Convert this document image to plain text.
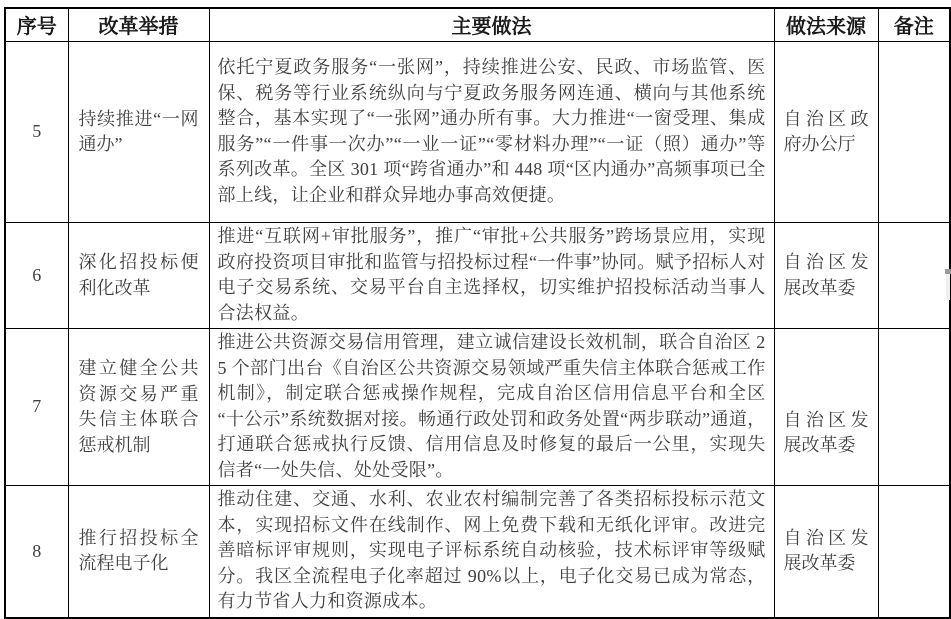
序号	改革举措	主要做法	做法来源	备注
5	持续推进“一网通办”	依托宁夏政务服务“一张网”，持续推进公安、民政、市场监管、医保、税务等行业系统纵向与宁夏政务服务网连通、横向与其他系统整合，基本实现了“一张网”通办所有事。大力推进“一窗受理、集成服务”“一件事一次办”“一业一证”“零材料办理”“一证（照）通办”等系列改革。全区 301 项“跨省通办”和 448 项“区内通办”高频事项已全部上线，让企业和群众异地办事高效便捷。	自治区政府办公厅	
6	深化招投标便利化改革	推进“互联网+审批服务”，推广“审批+公共服务”跨场景应用，实现政府投资项目审批和监管与招投标过程“一件事”协同。赋予招标人对电子交易系统、交易平台自主选择权，切实维护招投标活动当事人合法权益。	自治区发展改革委	
7	建立健全公共资源交易严重失信主体联合惩戒机制	推进公共资源交易信用管理，建立诚信建设长效机制，联合自治区 25 个部门出台《自治区公共资源交易领域严重失信主体联合惩戒工作机制》，制定联合惩戒操作规程，完成自治区信用信息平台和全区“十公示”系统数据对接。畅通行政处罚和政务处置“两步联动”通道，打通联合惩戒执行反馈、信用信息及时修复的最后一公里，实现失信者“一处失信、处处受限”。	自治区发展改革委	
8	推行招投标全流程电子化	推动住建、交通、水利、农业农村编制完善了各类招标投标示范文本，实现招标文件在线制作、网上免费下载和无纸化评审。改进完善暗标评审规则，实现电子评标系统自动核验，技术标评审等级赋分。我区全流程电子化率超过 90%以上，电子化交易已成为常态，有力节省人力和资源成本。	自治区发展改革委	
